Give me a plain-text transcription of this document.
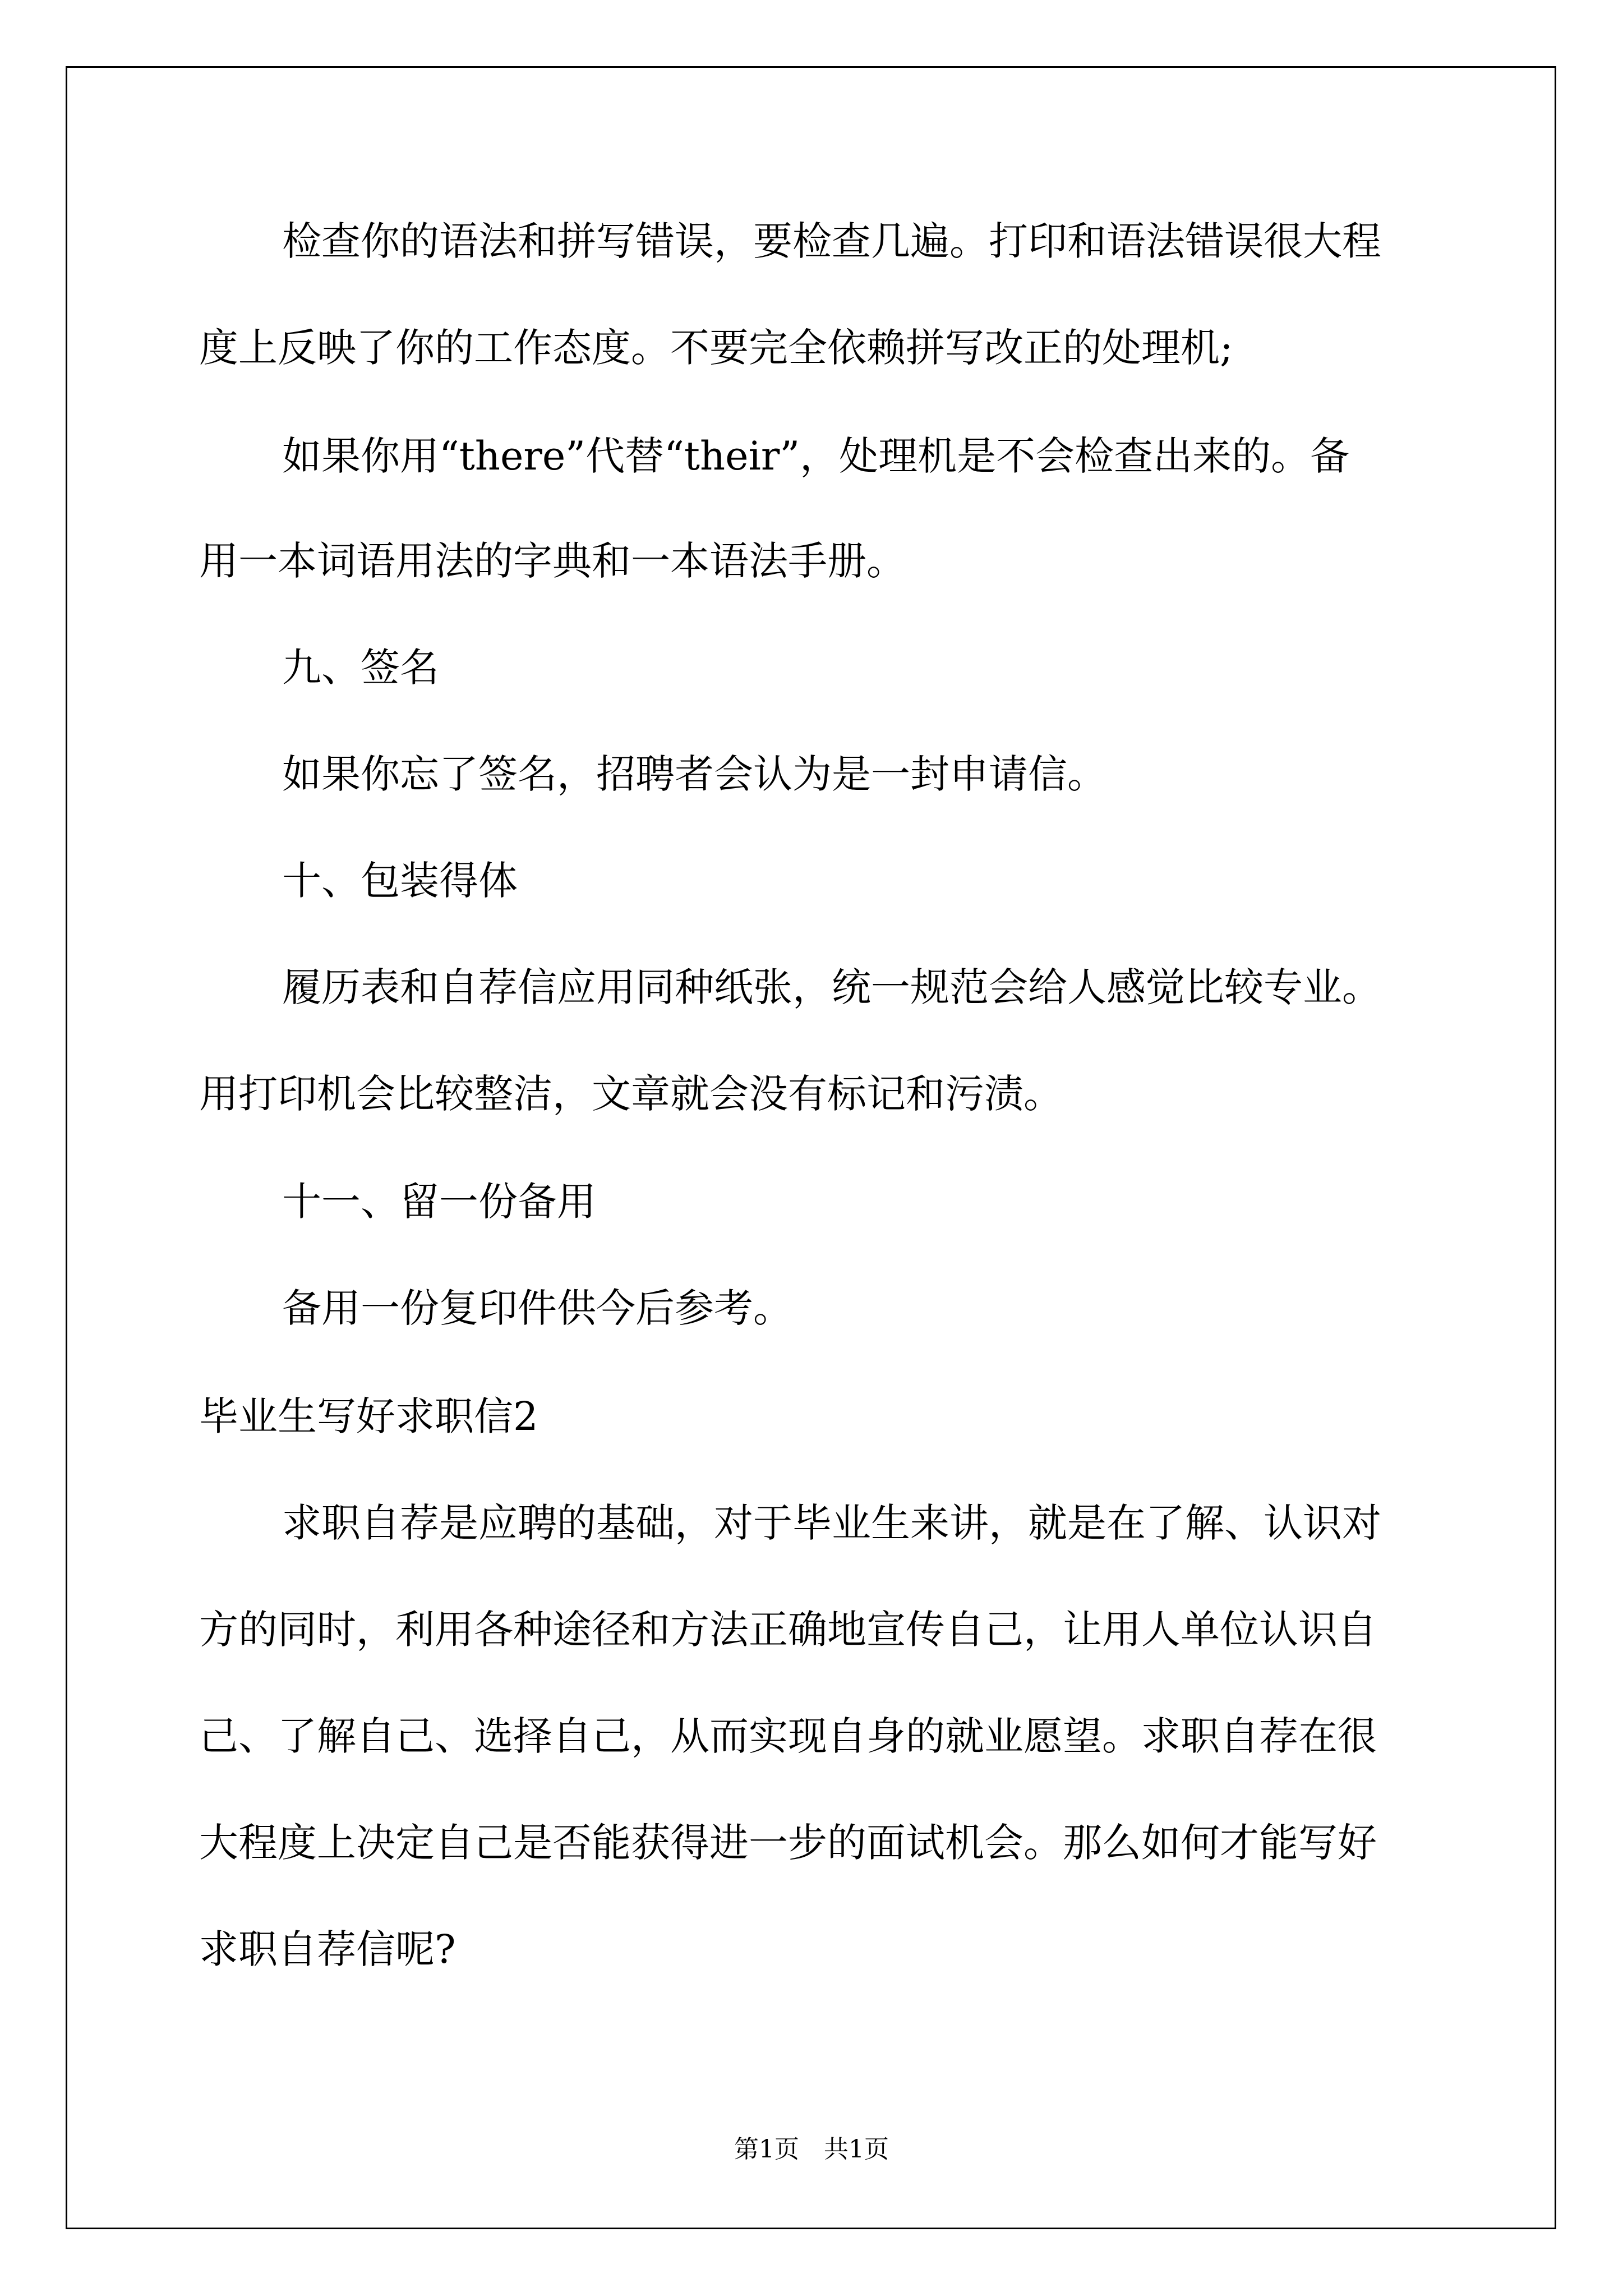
检查你的语法和拼写错误，要检查几遍。打印和语法错误很大程
度上反映了你的工作态度。不要完全依赖拼写改正的处理机;
如果你用“there”代替“their”，处理机是不会检查出来的。备
用一本词语用法的字典和一本语法手册。
九、签名
如果你忘了签名，招聘者会认为是一封申请信。
十、包装得体
履历表和自荐信应用同种纸张，统一规范会给人感觉比较专业。
用打印机会比较整洁，文章就会没有标记和污渍。
十一、留一份备用
备用一份复印件供今后参考。
毕业生写好求职信2
求职自荐是应聘的基础，对于毕业生来讲，就是在了解、认识对
方的同时，利用各种途径和方法正确地宣传自己，让用人单位认识自
己、了解自己、选择自己，从而实现自身的就业愿望。求职自荐在很
大程度上决定自己是否能获得进一步的面试机会。那么如何才能写好
求职自荐信呢?
第1页　共1页
